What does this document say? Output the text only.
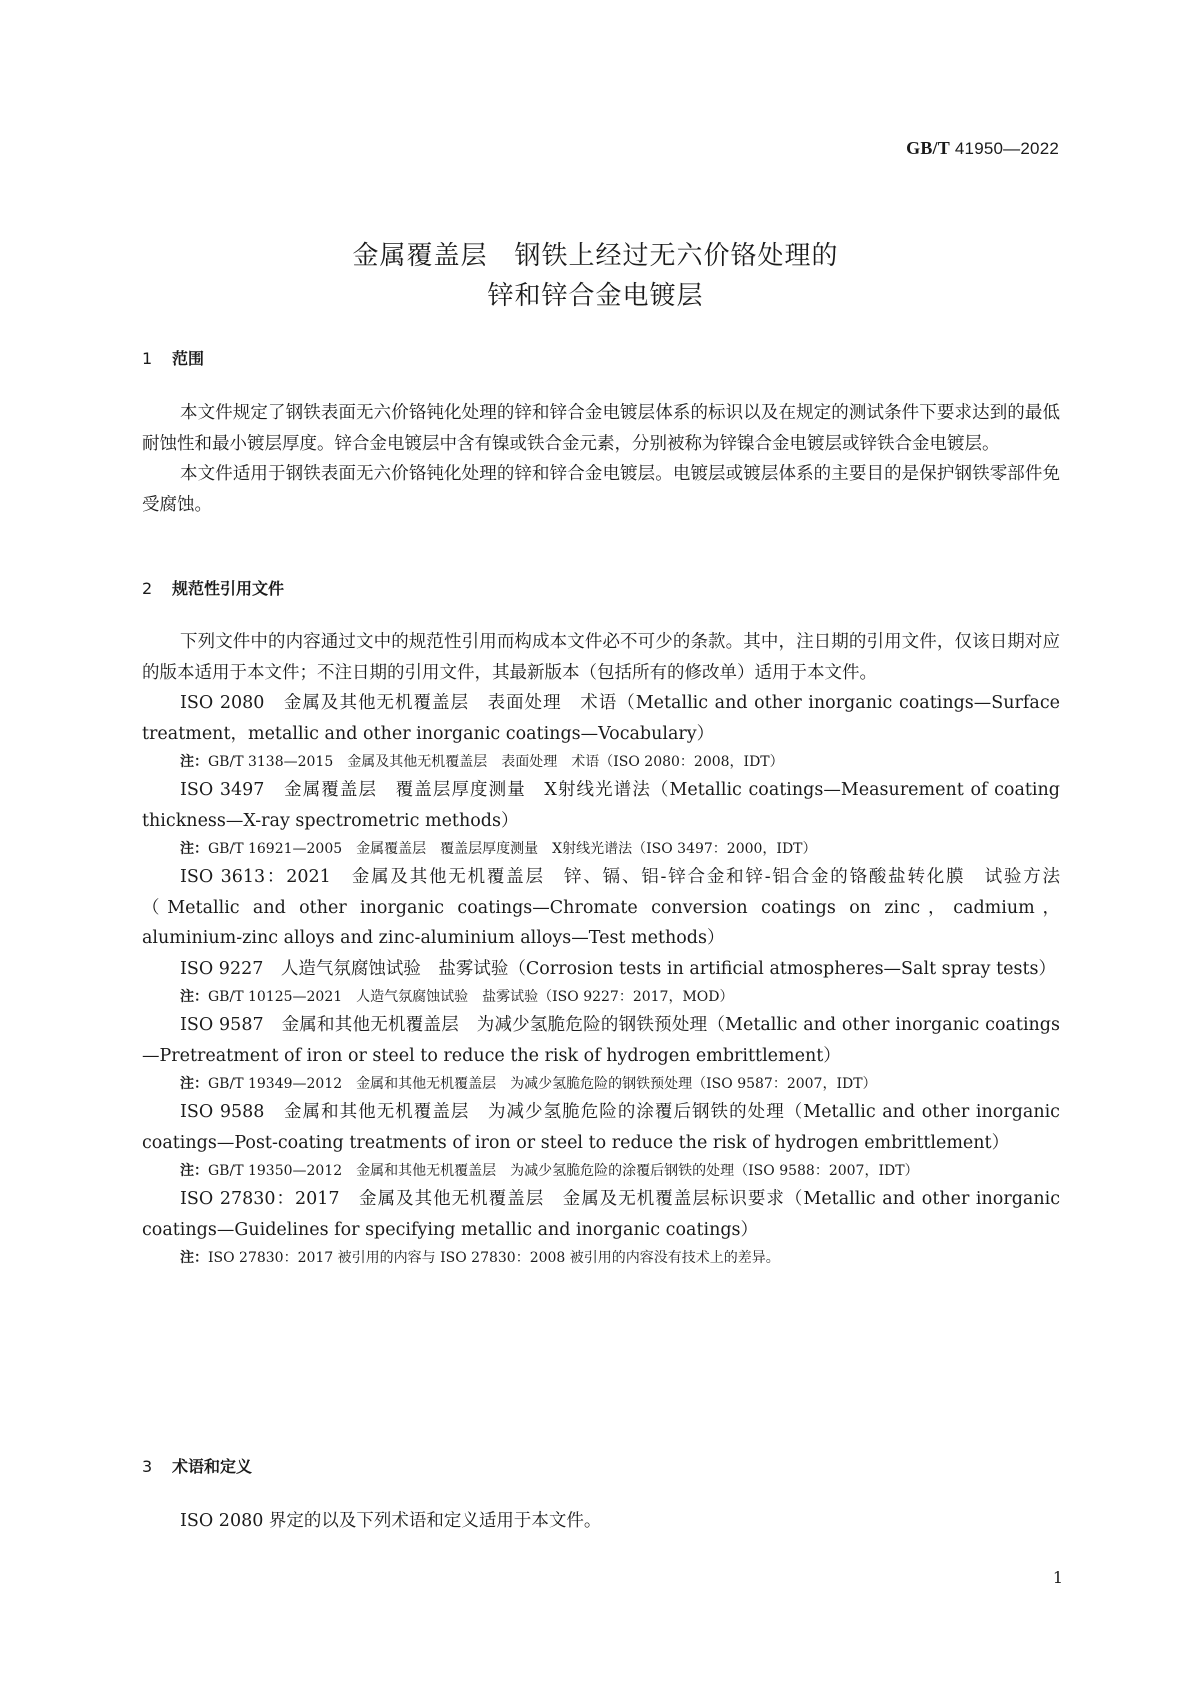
GB/T 41950—2022
金属覆盖层　钢铁上经过无六价铬处理的
锌和锌合金电镀层
1 范围

本文件规定了钢铁表面无六价铬钝化处理的锌和锌合金电镀层体系的标识以及在规定的测试条件下要求达到的最低耐蚀性和最小镀层厚度。锌合金电镀层中含有镍或铁合金元素，分别被称为锌镍合金电镀层或锌铁合金电镀层。

本文件适用于钢铁表面无六价铬钝化处理的锌和锌合金电镀层。电镀层或镀层体系的主要目的是保护钢铁零部件免受腐蚀。

2 规范性引用文件

下列文件中的内容通过文中的规范性引用而构成本文件必不可少的条款。其中，注日期的引用文件，仅该日期对应的版本适用于本文件；不注日期的引用文件，其最新版本（包括所有的修改单）适用于本文件。

ISO 2080　金属及其他无机覆盖层　表面处理　术语（Metallic and other inorganic coatings—Surface treatment，metallic and other inorganic coatings—Vocabulary）

注：GB/T 3138—2015　金属及其他无机覆盖层　表面处理　术语（ISO 2080：2008，IDT）

ISO 3497　金属覆盖层　覆盖层厚度测量　X射线光谱法（Metallic coatings—Measurement of coating thickness—X-ray spectrometric methods）

注：GB/T 16921—2005　金属覆盖层　覆盖层厚度测量　X射线光谱法（ISO 3497：2000，IDT）

ISO 3613：2021　金属及其他无机覆盖层　锌、镉、铝-锌合金和锌-铝合金的铬酸盐转化膜　试验方法（Metallic and other inorganic coatings—Chromate conversion coatings on zinc，cadmium，aluminium-zinc alloys and zinc-aluminium alloys—Test methods）

ISO 9227　人造气氛腐蚀试验　盐雾试验（Corrosion tests in artificial atmospheres—Salt spray tests）

注：GB/T 10125—2021　人造气氛腐蚀试验　盐雾试验（ISO 9227：2017，MOD）

ISO 9587　金属和其他无机覆盖层　为减少氢脆危险的钢铁预处理（Metallic and other inorganic coatings—Pretreatment of iron or steel to reduce the risk of hydrogen embrittlement）

注：GB/T 19349—2012　金属和其他无机覆盖层　为减少氢脆危险的钢铁预处理（ISO 9587：2007，IDT）

ISO 9588　金属和其他无机覆盖层　为减少氢脆危险的涂覆后钢铁的处理（Metallic and other inorganic coatings—Post-coating treatments of iron or steel to reduce the risk of hydrogen embrittlement）

注：GB/T 19350—2012　金属和其他无机覆盖层　为减少氢脆危险的涂覆后钢铁的处理（ISO 9588：2007，IDT）

ISO 27830：2017　金属及其他无机覆盖层　金属及无机覆盖层标识要求（Metallic and other inorganic coatings—Guidelines for specifying metallic and inorganic coatings）

注：ISO 27830：2017 被引用的内容与 ISO 27830：2008 被引用的内容没有技术上的差异。

3 术语和定义

ISO 2080 界定的以及下列术语和定义适用于本文件。

1
